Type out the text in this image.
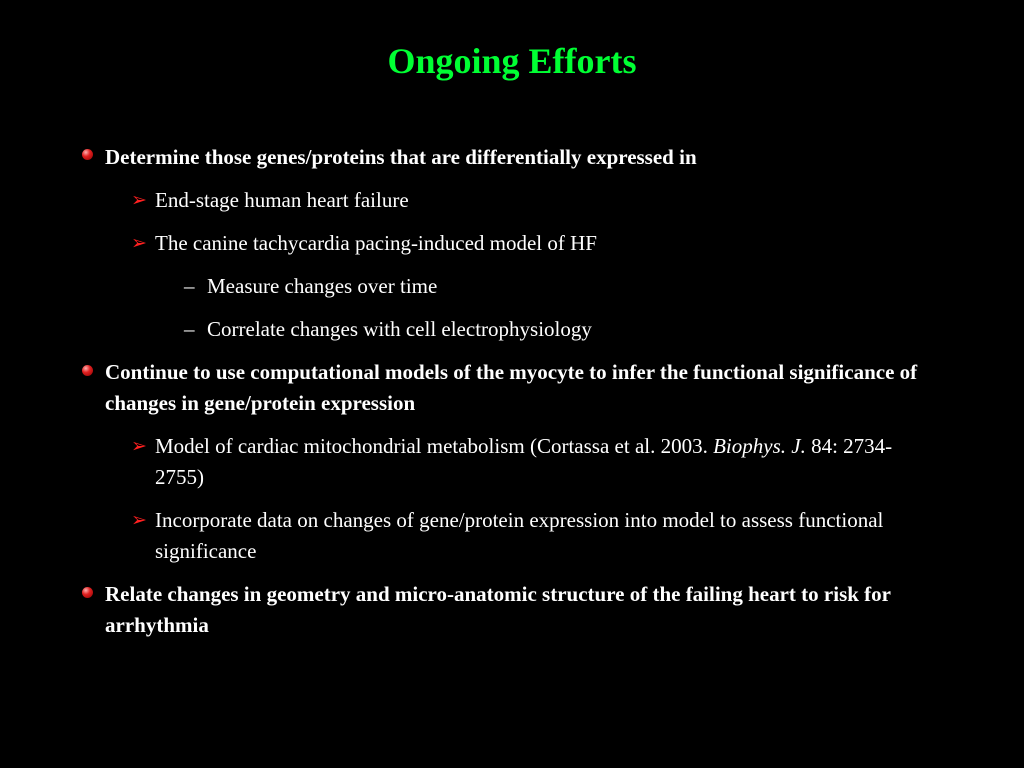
Ongoing Efforts
Determine those genes/proteins that are differentially expressed in
➢ End-stage human heart failure
➢ The canine tachycardia pacing-induced model of HF
– Measure changes over time
– Correlate changes with cell electrophysiology
Continue to use computational models of the myocyte to infer the functional significance of changes in gene/protein expression
➢ Model of cardiac mitochondrial metabolism (Cortassa et al. 2003. Biophys. J. 84: 2734-2755)
➢ Incorporate data on changes of gene/protein expression into model to assess functional significance
Relate changes in geometry and micro-anatomic structure of the failing heart to risk for arrhythmia
